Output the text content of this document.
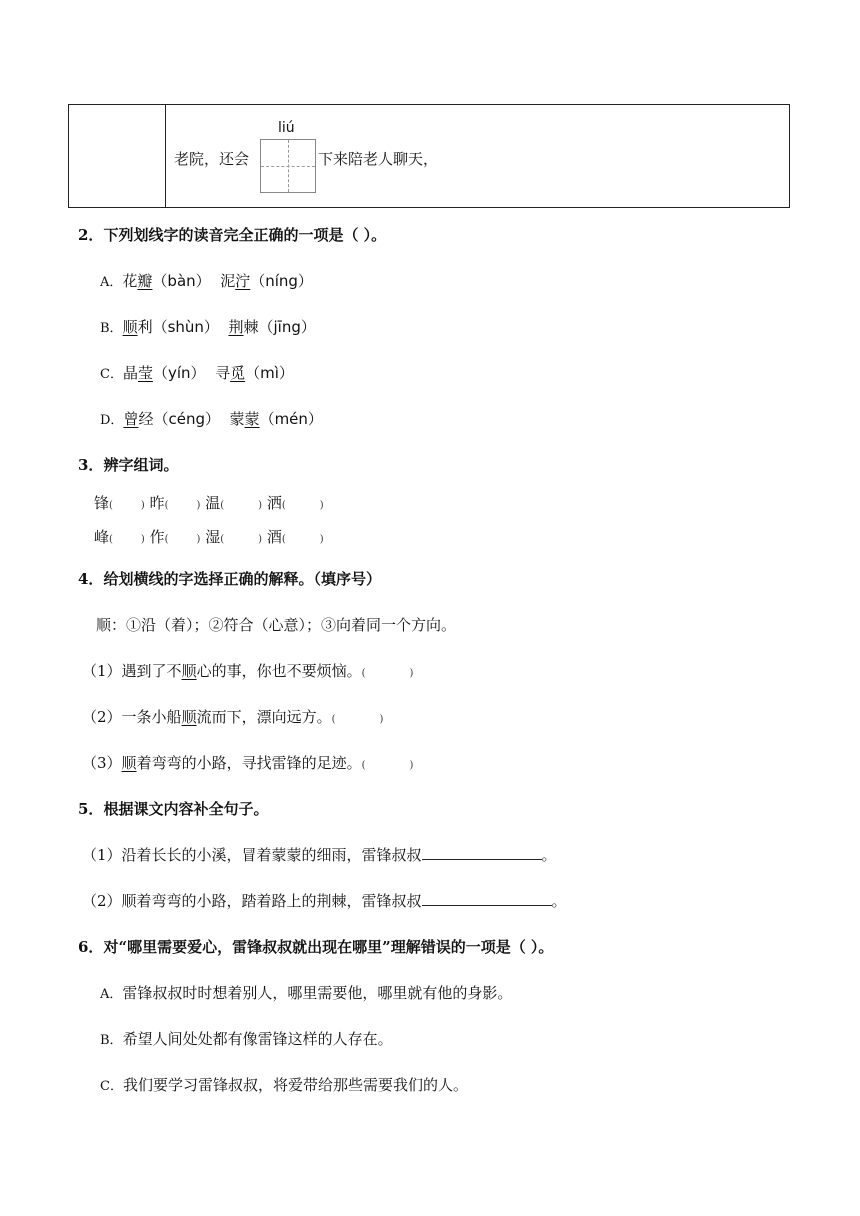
liú
老院，还会	下来陪老人聊天，
2．下列划线字的读音完全正确的一项是（ ）。
A．花瓣（bàn） 泥泞（níng）
B．顺利（shùn） 荆棘（jīng）
C．晶莹（yín） 寻觅（mì）
D．曾经（céng） 蒙蒙（mén）
3．辨字组词。
锋(	) 昨(	) 温(	) 洒(	)
峰(	) 作(	) 湿(	) 酒(	)
4．给划横线的字选择正确的解释。（填序号）
顺：①沿（着）；②符合（心意）；③向着同一个方向。
（1）遇到了不顺心的事，你也不要烦恼。(	)
（2）一条小船顺流而下，漂向远方。(	)
（3）顺着弯弯的小路，寻找雷锋的足迹。(	)
5．根据课文内容补全句子。
（1）沿着长长的小溪，冒着蒙蒙的细雨，雷锋叔叔	。
（2）顺着弯弯的小路，踏着路上的荆棘，雷锋叔叔	。
6．对“哪里需要爱心，雷锋叔叔就出现在哪里”理解错误的一项是（ ）。
A．雷锋叔叔时时想着别人，哪里需要他，哪里就有他的身影。
B．希望人间处处都有像雷锋这样的人存在。
C．我们要学习雷锋叔叔，将爱带给那些需要我们的人。
